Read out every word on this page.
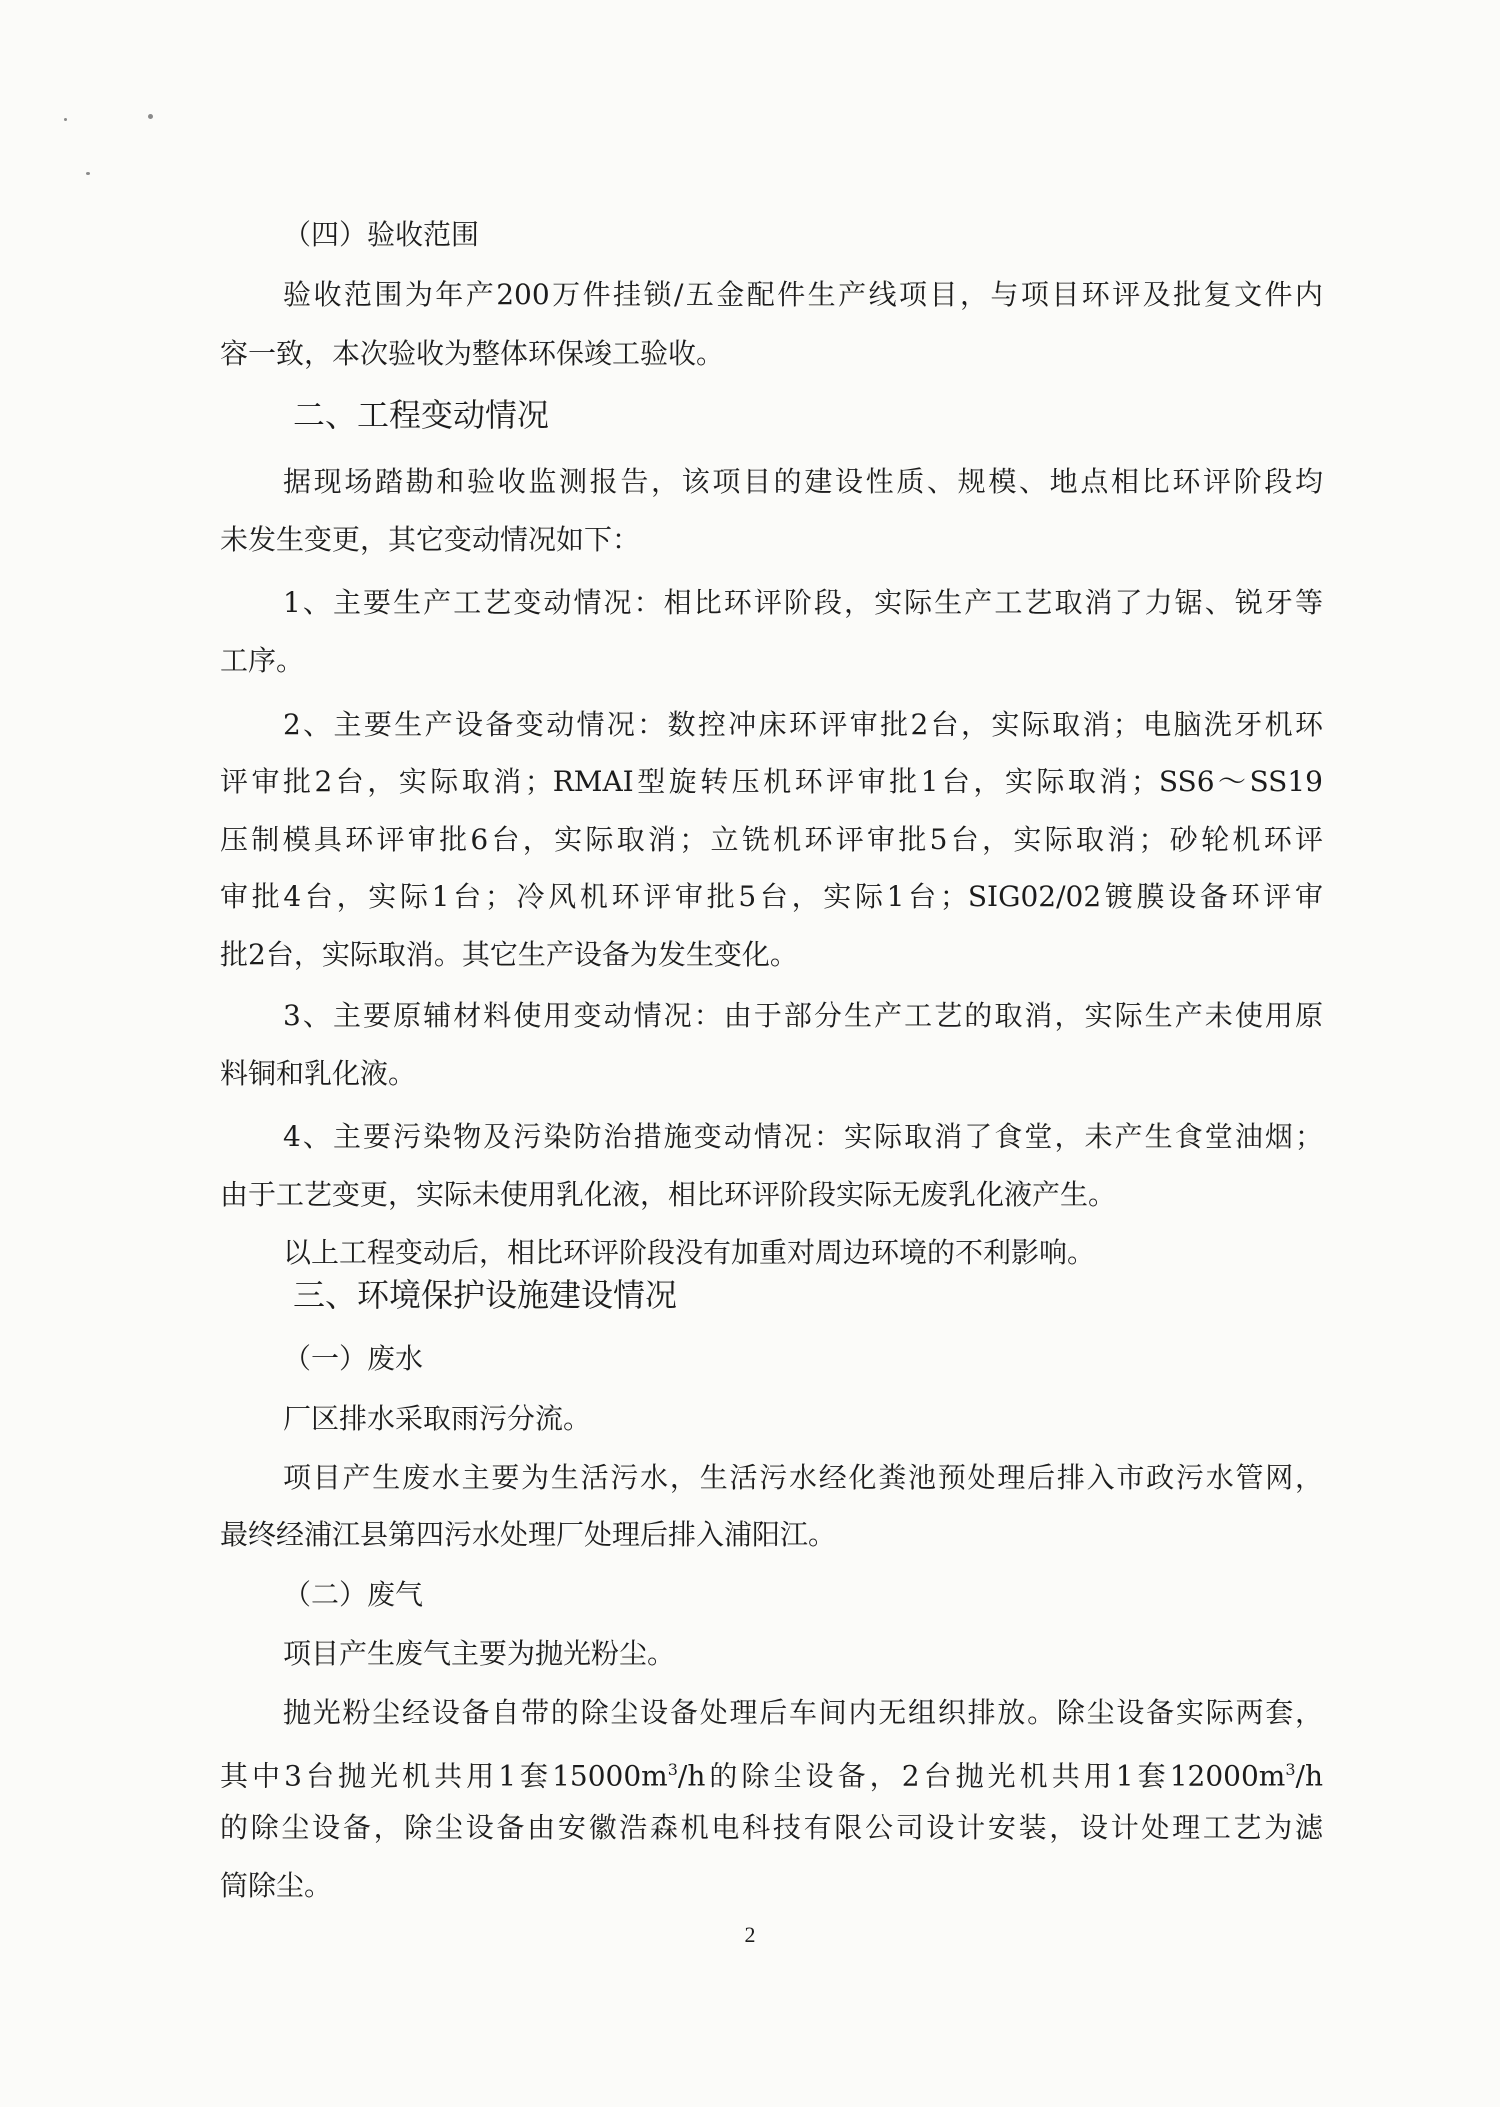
（四）验收范围
验收范围为年产200万件挂锁/五金配件生产线项目，与项目环评及批复文件内
容一致，本次验收为整体环保竣工验收。
二、工程变动情况
据现场踏勘和验收监测报告，该项目的建设性质、规模、地点相比环评阶段均
未发生变更，其它变动情况如下：
1、主要生产工艺变动情况：相比环评阶段，实际生产工艺取消了力锯、锐牙等
工序。
2、主要生产设备变动情况：数控冲床环评审批2台，实际取消；电脑洗牙机环
评审批2台，实际取消；RMAI型旋转压机环评审批1台，实际取消；SS6～SS19
压制模具环评审批6台，实际取消；立铣机环评审批5台，实际取消；砂轮机环评
审批4台，实际1台；冷风机环评审批5台，实际1台；SIG02/02镀膜设备环评审
批2台，实际取消。其它生产设备为发生变化。
3、主要原辅材料使用变动情况：由于部分生产工艺的取消，实际生产未使用原
料铜和乳化液。
4、主要污染物及污染防治措施变动情况：实际取消了食堂，未产生食堂油烟；
由于工艺变更，实际未使用乳化液，相比环评阶段实际无废乳化液产生。
以上工程变动后，相比环评阶段没有加重对周边环境的不利影响。
三、环境保护设施建设情况
（一）废水
厂区排水采取雨污分流。
项目产生废水主要为生活污水，生活污水经化粪池预处理后排入市政污水管网，
最终经浦江县第四污水处理厂处理后排入浦阳江。
（二）废气
项目产生废气主要为抛光粉尘。
抛光粉尘经设备自带的除尘设备处理后车间内无组织排放。除尘设备实际两套，
其中3台抛光机共用1套$15000m^3/h$的除尘设备，2台抛光机共用1套$12000m^3/h$
的除尘设备，除尘设备由安徽浩森机电科技有限公司设计安装，设计处理工艺为滤
筒除尘。
2
